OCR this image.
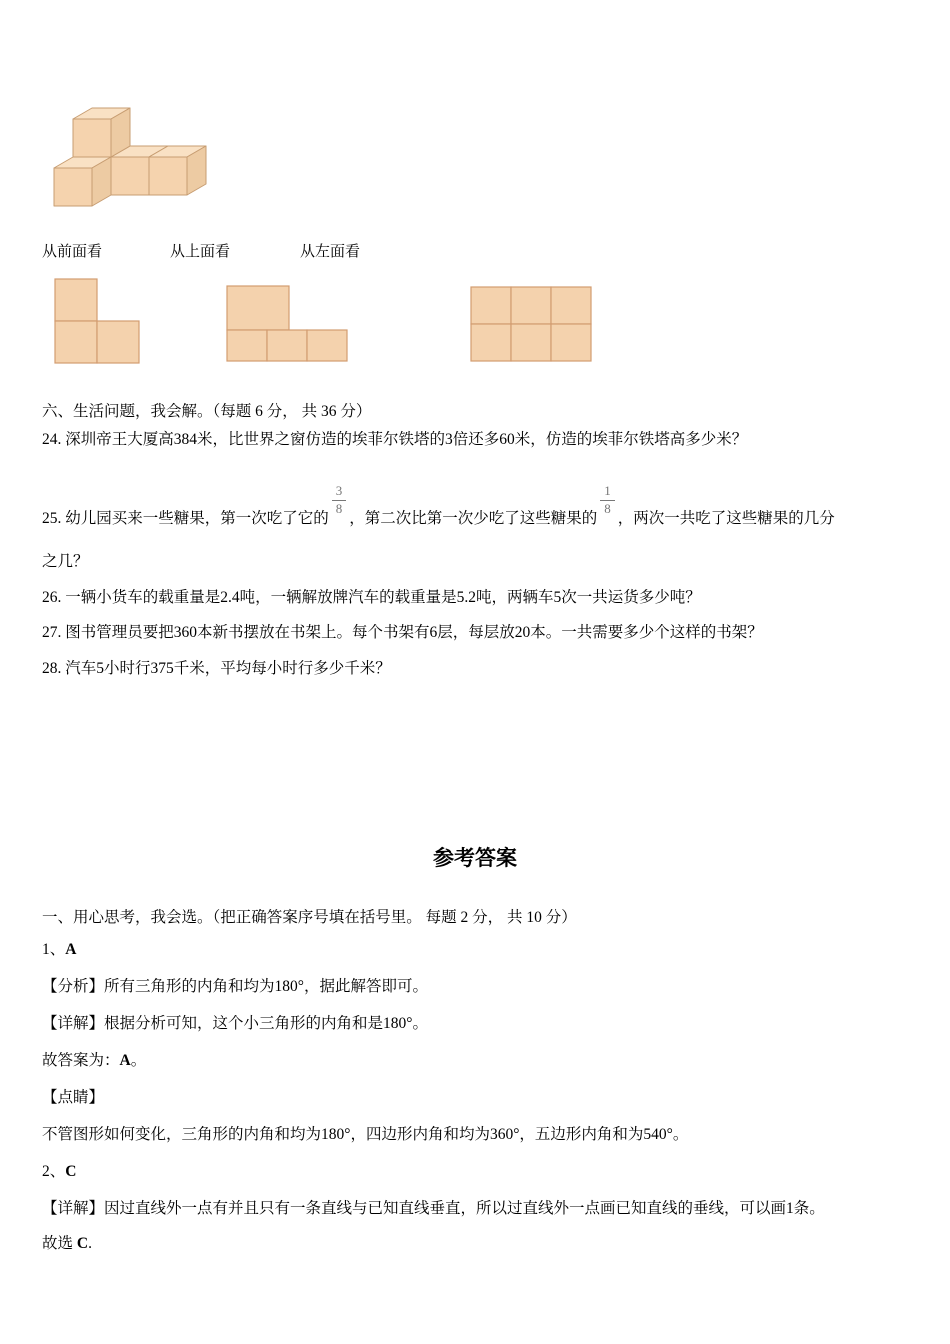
从前面看	从上面看	从左面看

六、生活问题，我会解。（每题 6 分， 共 36 分）

24. 深圳帝王大厦高384米，比世界之窗仿造的埃菲尔铁塔的3倍还多60米，仿造的埃菲尔铁塔高多少米？

25. 幼儿园买来一些糖果，第一次吃了它的
$\frac{3}{8}$
，第二次比第一次少吃了这些糖果的
$\frac{1}{8}$
，两次一共吃了这些糖果的几分

之几？

26. 一辆小货车的载重量是2.4吨，一辆解放牌汽车的载重量是5.2吨，两辆车5次一共运货多少吨？

27. 图书管理员要把360本新书摆放在书架上。每个书架有6层，每层放20本。一共需要多少个这样的书架？

28. 汽车5小时行375千米，平均每小时行多少千米？

参考答案

一、用心思考，我会选。（把正确答案序号填在括号里。 每题 2 分， 共 10 分）

1、A

【分析】所有三角形的内角和均为180°，据此解答即可。

【详解】根据分析可知，这个小三角形的内角和是180°。

故答案为：A。

【点睛】

不管图形如何变化，三角形的内角和均为180°，四边形内角和均为360°，五边形内角和为540°。

2、C

【详解】因过直线外一点有并且只有一条直线与已知直线垂直，所以过直线外一点画已知直线的垂线，可以画1条。

故选 C.
